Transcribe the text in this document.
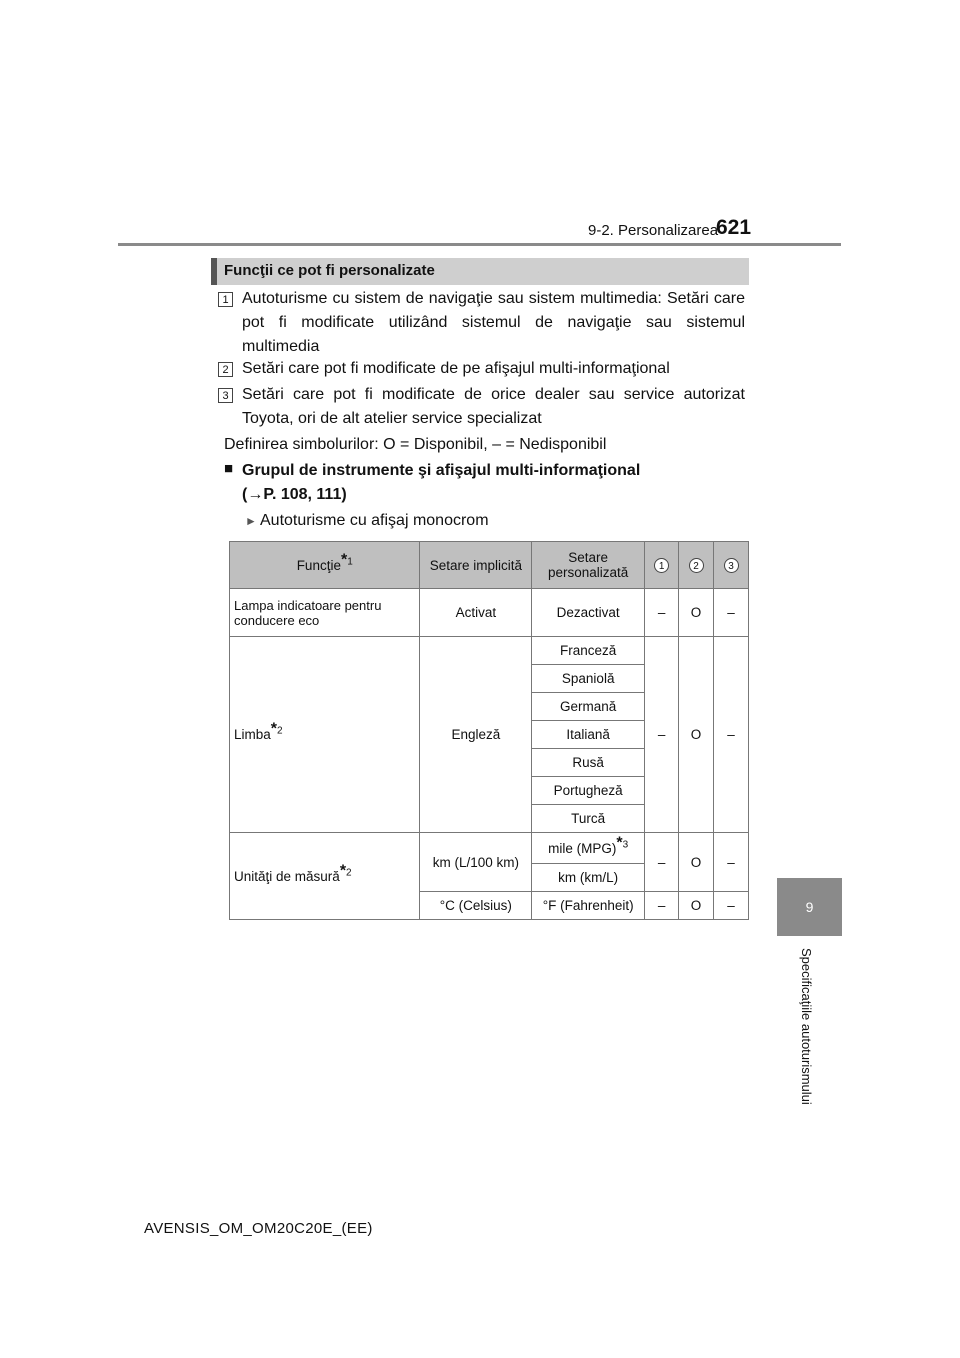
9-2. Personalizarea
621
9
Specificaţiile autoturismului
Funcţii ce pot fi personalizate
1 Autoturisme cu sistem de navigaţie sau sistem multimedia: Setări care pot fi modificate utilizând sistemul de navigaţie sau sistemul multimedia
2 Setări care pot fi modificate de pe afişajul multi-informaţional
3 Setări care pot fi modificate de orice dealer sau service autorizat Toyota, ori de alt atelier service specializat
Definirea simbolurilor: O = Disponibil, – = Nedisponibil
■ Grupul de instrumente şi afişajul multi-informaţional
(→P. 108, 111)
► Autoturisme cu afişaj monocrom
Funcţie*$^1$	Setare implicită	Setare personalizată	1	2	3
Lampa indicatoare pentru conducere eco	Activat	Dezactivat	–	O	–
Limba*$^2$	Engleză	Franceză	–	O	–
		Spaniolă			
		Germană			
		Italiană			
		Rusă			
		Portugheză			
		Turcă			
Unităţi de măsură*$^2$	km (L/100 km)	mile (MPG)*$^3$	–	O	–
		km (km/L)			
	°C (Celsius)	°F (Fahrenheit)	–	O	–
AVENSIS_OM_OM20C20E_(EE)
